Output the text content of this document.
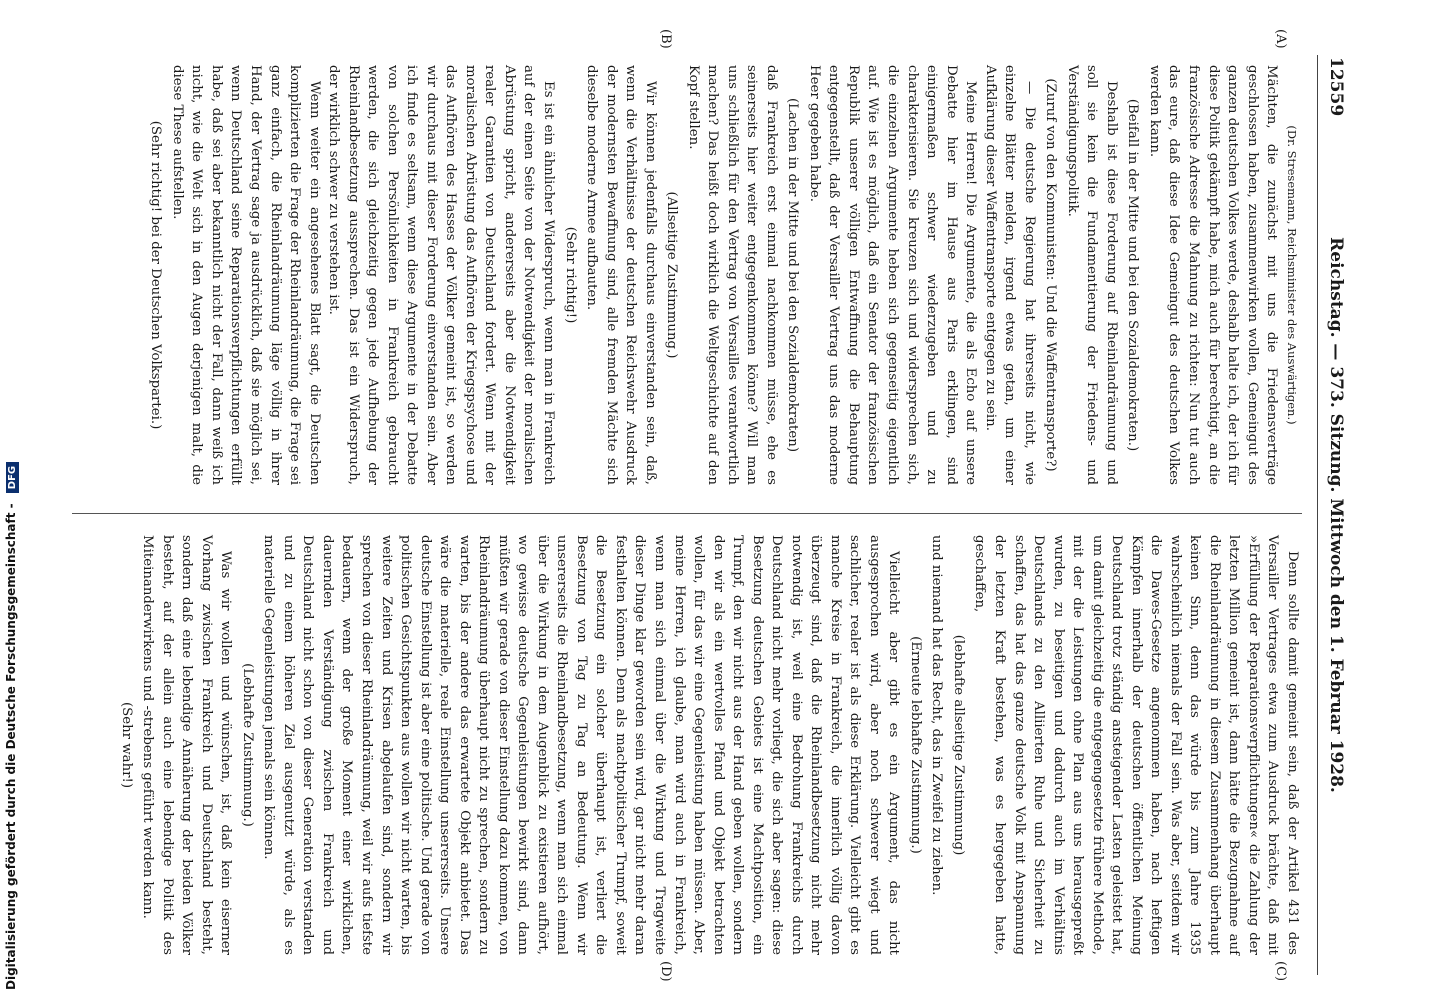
Reichstag. — 373. Sitzung. Mittwoch den 1. Februar 1928.
12559
(A)
(B)
(C)
(D)

(Dr. Stresemann, Reichsminister des Auswärtigen.)

Mächten, die zunächst mit uns die Friedensverträge geschlossen haben, zusammenwirken wollen, Gemeingut des ganzen deutschen Volkes werde, deshalb halte ich, der ich für diese Politik gekämpft habe, mich auch für berechtigt, an die französische Adresse die Mahnung zu richten: Nun tut auch das eure, daß diese Idee Gemeingut des deutschen Volkes werden kann.

(Beifall in der Mitte und bei den Sozialdemokraten.)

Deshalb ist diese Forderung auf Rheinlandräumung und soll sie kein die Fundamentierung der Friedens- und Verständigungspolitik.

(Zuruf von den Kommunisten: Und die Waffentransporte?)

— Die deutsche Regierung hat ihrerseits nicht, wie einzelne Blätter melden, irgend etwas getan, um einer Aufklärung dieser Waffentransporte entgegen zu sein.

Meine Herren! Die Argumente, die als Echo auf unsere Debatte hier im Hause aus Paris erklingen, sind einigermaßen schwer wiederzugeben und zu charakterisieren. Sie kreuzen sich und widersprechen sich, die einzelnen Argumente heben sich gegenseitig eigentlich auf. Wie ist es möglich, daß ein Senator der französischen Republik unserer völligen Entwaffnung die Behauptung entgegenstellt, daß der Versailler Vertrag uns das moderne Heer gegeben habe.

(Lachen in der Mitte und bei den Sozialdemokraten)

daß Frankreich erst einmal nachkommen müsse, ehe es seinerseits hier weiter entgegenkommen könne? Will man uns schließlich für den Vertrag von Versailles verantwortlich machen? Das heißt doch wirklich die Weltgeschichte auf den Kopf stellen.

(Allseitige Zustimmung.)

Wir können jedenfalls durchaus einverstanden sein, daß, wenn die Verhältnisse der deutschen Reichswehr Ausdruck der modernsten Bewaffnung sind, alle fremden Mächte sich dieselbe moderne Armee aufbauten.

(Sehr richtig!)

Es ist ein ähnlicher Widerspruch, wenn man in Frankreich auf der einen Seite von der Notwendigkeit der moralischen Abrüstung spricht, andererseits aber die Notwendigkeit realer Garantien von Deutschland fordert. Wenn mit der moralischen Abrüstung das Aufhören der Kriegspsychose und das Aufhören des Hasses der Völker gemeint ist, so werden wir durchaus mit dieser Forderung einverstanden sein. Aber ich finde es seltsam, wenn diese Argumente in der Debatte von solchen Persönlichkeiten in Frankreich gebraucht werden, die sich gleichzeitig gegen jede Aufhebung der Rheinlandbesetzung aussprechen. Das ist ein Widerspruch, der wirklich schwer zu verstehen ist.

Wenn weiter ein angesehenes Blatt sagt, die Deutschen komplizierten die Frage der Rheinlandräumung, die Frage sei ganz einfach, die Rheinlandräumung läge völlig in ihrer Hand, der Vertrag sage ja ausdrücklich, daß sie möglich sei, wenn Deutschland seine Reparationsverpflichtungen erfüllt habe, daß sei aber bekanntlich nicht der Fall, dann weiß ich nicht, wie die Welt sich in den Augen derjenigen malt, die diese These aufstellen.

(Sehr richtig! bei der Deutschen Volkspartei.)

Denn sollte damit gemeint sein, daß der Artikel 431 des Versailler Vertrages etwa zum Ausdruck brächte, daß mit »Erfüllung der Reparationsverpflichtungen« die Zahlung der letzten Million gemeint ist, dann hätte die Bezugnahme auf die Rheinlandräumung in diesem Zusammenhang überhaupt keinen Sinn, denn das würde bis zum Jahre 1935 wahrscheinlich niemals der Fall sein. Was aber, seitdem wir die Dawes-Gesetze angenommen haben, nach heftigen Kämpfen innerhalb der deutschen öffentlichen Meinung Deutschland trotz ständig ansteigender Lasten geleistet hat, um damit gleichzeitig die entgegengesetzte frühere Methode, mit der die Leistungen ohne Plan aus uns herausgepreßt wurden, zu beseitigen und dadurch auch im Verhältnis Deutschlands zu den Alliierten Ruhe und Sicherheit zu schaffen, das hat das ganze deutsche Volk mit Anspannung der letzten Kraft bestehen, was es hergegeben hatte, geschaffen,

(lebhafte allseitige Zustimmung)

und niemand hat das Recht, das in Zweifel zu ziehen.

(Erneute lebhafte Zustimmung.)

Vielleicht aber gibt es ein Argument, das nicht ausgesprochen wird, aber noch schwerer wiegt und sachlicher, realer ist als diese Erklärung. Vielleicht gibt es manche Kreise in Frankreich, die innerlich völlig davon überzeugt sind, daß die Rheinlandbesetzung nicht mehr notwendig ist, weil eine Bedrohung Frankreichs durch Deutschland nicht mehr vorliegt, die sich aber sagen: diese Besetzung deutschen Gebiets ist eine Machtposition, ein Trumpf, den wir nicht aus der Hand geben wollen, sondern den wir als ein wertvolles Pfand und Objekt betrachten wollen, für das wir eine Gegenleistung haben müssen. Aber, meine Herren, ich glaube, man wird auch in Frankreich, wenn man sich einmal über die Wirkung und Tragweite dieser Dinge klar geworden sein wird, gar nicht mehr daran festhalten können. Denn als machtpolitischer Trumpf, soweit die Besetzung ein solcher überhaupt ist, verliert die Besetzung von Tag zu Tag an Bedeutung. Wenn wir unsererseits die Rheinlandbesetzung, wenn man sich einmal über die Wirkung in dem Augenblick zu existieren aufhört, wo gewisse deutsche Gegenleistungen bewirkt sind, dann müßten wir gerade von dieser Einstellung dazu kommen, von Rheinlandräumung überhaupt nicht zu sprechen, sondern zu warten, bis der andere das erwartete Objekt anbietet. Das wäre die materielle, reale Einstellung unsererseits. Unsere deutsche Einstellung ist aber eine politische. Und gerade von politischen Gesichtspunkten aus wollen wir nicht warten, bis weitere Zeiten und Krisen abgelaufen sind, sondern wir sprechen von dieser Rheinlandräumung, weil wir aufs tiefste bedauern, wenn der große Moment einer wirklichen, dauernden Verständigung zwischen Frankreich und Deutschland nicht schon von dieser Generation verstanden und zu einem höheren Ziel ausgenutzt würde, als es materielle Gegenleistungen jemals sein können.

(Lebhafte Zustimmung.)

Was wir wollen und wünschen, ist, daß kein eiserner Vorhang zwischen Frankreich und Deutschland besteht, sondern daß eine lebendige Annäherung der beiden Völker besteht, auf der allein auch eine lebendige Politik des Miteinanderwirkens und -strebens geführt werden kann.

(Sehr wahr!)

Digitalisierung gefördert durch die Deutsche Forschungsgemeinschaft - DFG
